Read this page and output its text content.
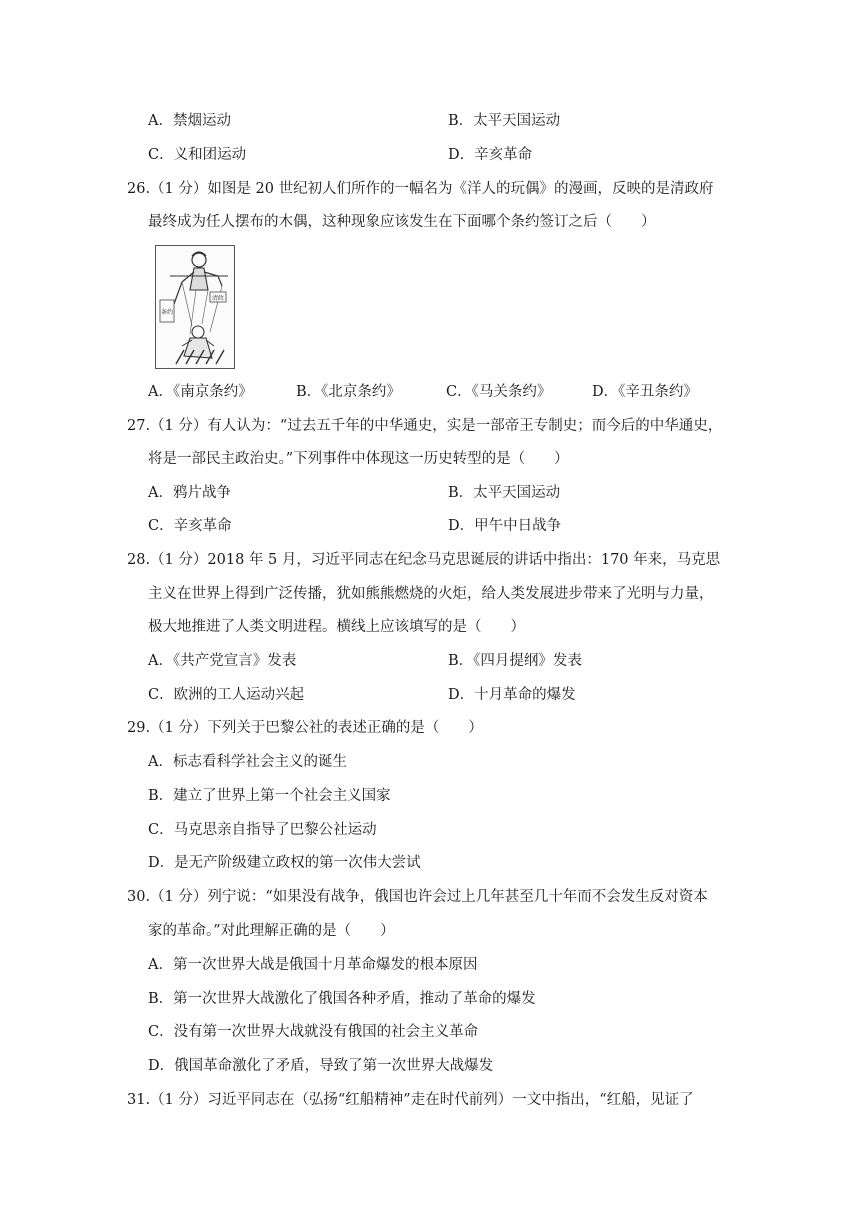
A．禁烟运动	B．太平天国运动
C．义和团运动	D．辛亥革命
26.（1 分）如图是 20 世纪初人们所作的一幅名为《洋人的玩偶》的漫画，反映的是清政府
最终成为任人摆布的木偶，这种现象应该发生在下面哪个条约签订之后（　　）
清政
条约
A．《南京条约》	B．《北京条约》	C．《马关条约》	D．《辛丑条约》
27.（1 分）有人认为：“过去五千年的中华通史，实是一部帝王专制史；而今后的中华通史，
将是一部民主政治史。”下列事件中体现这一历史转型的是（　　）
A．鸦片战争	B．太平天国运动
C．辛亥革命	D．甲午中日战争
28.（1 分）2018 年 5 月，习近平同志在纪念马克思诞辰的讲话中指出：170 年来，马克思
主义在世界上得到广泛传播，犹如熊熊燃烧的火炬，给人类发展进步带来了光明与力量，
极大地推进了人类文明进程。横线上应该填写的是（　　）
A．《共产党宣言》发表	B．《四月提纲》发表
C．欧洲的工人运动兴起	D．十月革命的爆发
29.（1 分）下列关于巴黎公社的表述正确的是（　　）
A．标志看科学社会主义的诞生
B．建立了世界上第一个社会主义国家
C．马克思亲自指导了巴黎公社运动
D．是无产阶级建立政权的第一次伟大尝试
30.（1 分）列宁说：“如果没有战争，俄国也许会过上几年甚至几十年而不会发生反对资本
家的革命。”对此理解正确的是（　　）
A．第一次世界大战是俄国十月革命爆发的根本原因
B．第一次世界大战激化了俄国各种矛盾，推动了革命的爆发
C．没有第一次世界大战就没有俄国的社会主义革命
D．俄国革命激化了矛盾，导致了第一次世界大战爆发
31.（1 分）习近平同志在（弘扬“红船精神”走在时代前列）一文中指出，“红船，见证了
